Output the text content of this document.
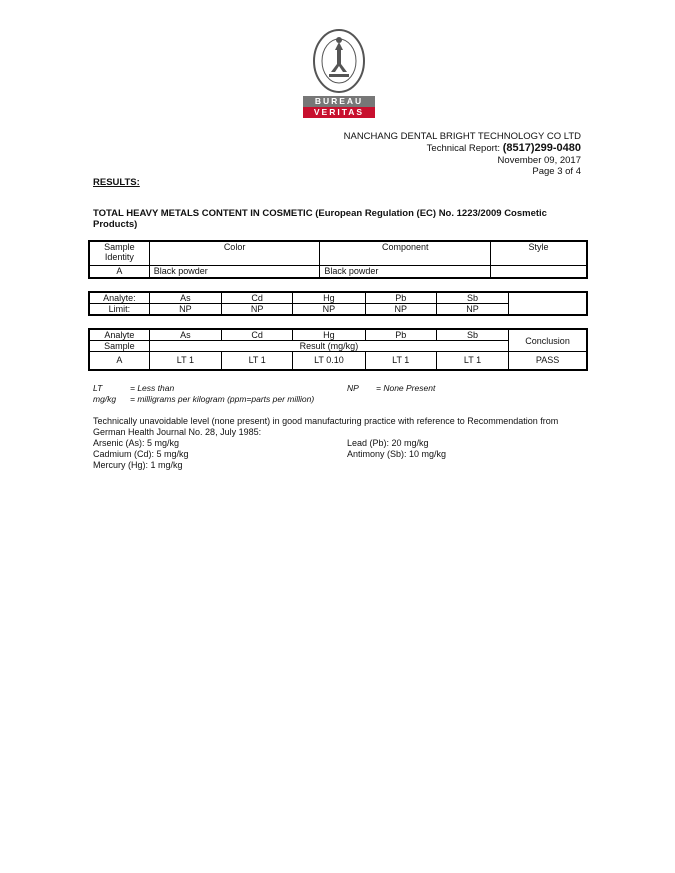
BUREAU
VERITAS
NANCHANG DENTAL BRIGHT TECHNOLOGY CO LTD
Technical Report: (8517)299-0480
November 09, 2017
Page 3 of 4
RESULTS:
TOTAL HEAVY METALS CONTENT IN COSMETIC (European Regulation (EC) No. 1223/2009 Cosmetic Products)
Sample Identity	Color	Component	Style
A	Black powder	Black powder	
Analyte:	As	Cd	Hg	Pb	Sb	
Limit:	NP	NP	NP	NP	NP	
Analyte	As	Cd	Hg	Pb	Sb	Conclusion
Sample	Result (mg/kg)					
A	LT 1	LT 1	LT 0.10	LT 1	LT 1	PASS
LT	= Less than	NP = None Present
mg/kg = milligrams per kilogram (ppm=parts per million)
Technically unavoidable level (none present) in good manufacturing practice with reference to Recommendation from
German Health Journal No. 28, July 1985:
Arsenic (As): 5 mg/kg	Lead (Pb): 20 mg/kg
Cadmium (Cd): 5 mg/kg	Antimony (Sb): 10 mg/kg
Mercury (Hg): 1 mg/kg
